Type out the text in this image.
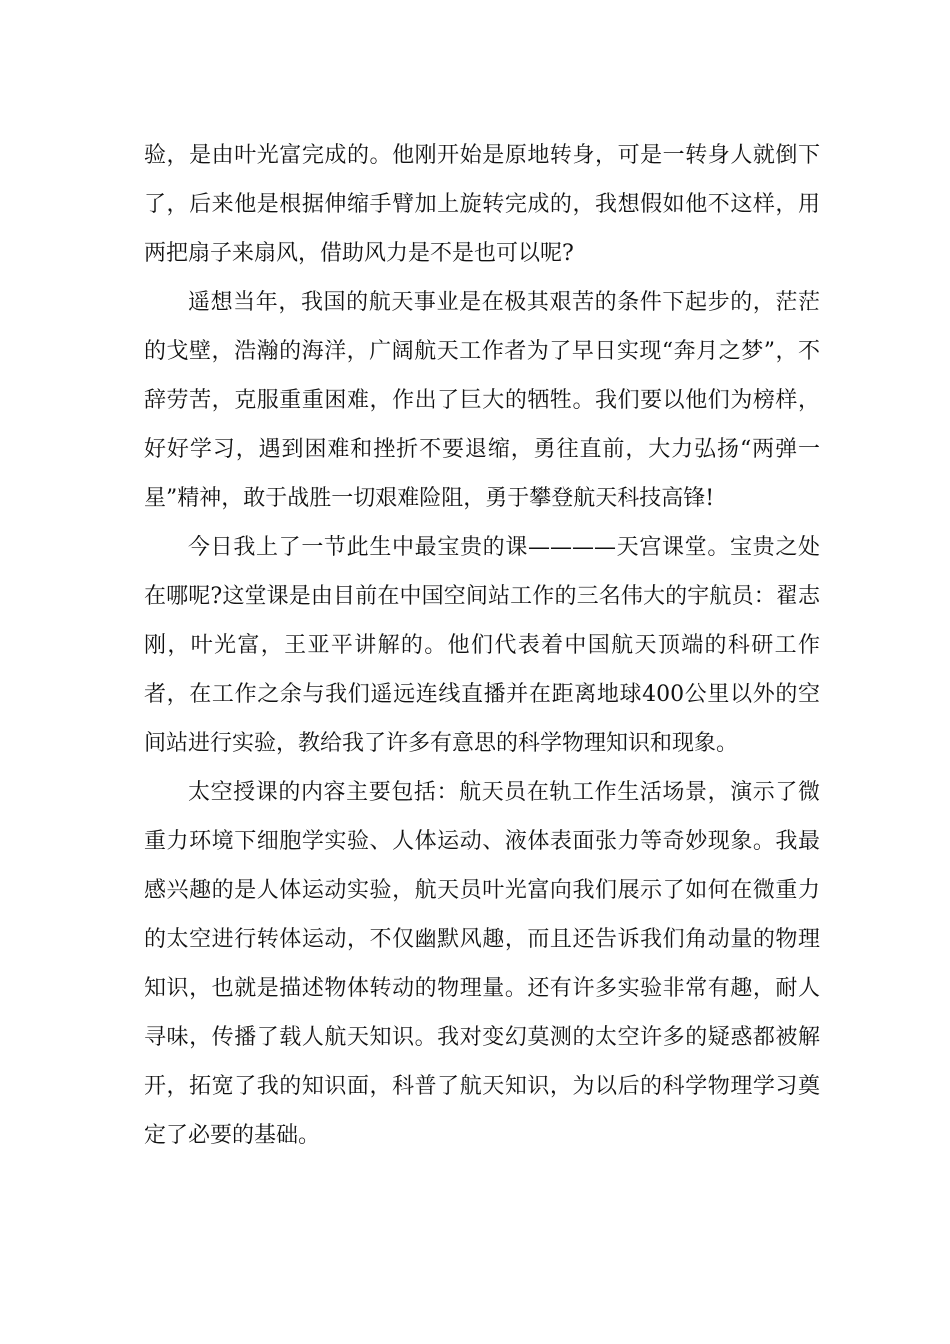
验，是由叶光富完成的。他刚开始是原地转身，可是一转身人就倒下了，后来他是根据伸缩手臂加上旋转完成的，我想假如他不这样，用两把扇子来扇风，借助风力是不是也可以呢?

遥想当年，我国的航天事业是在极其艰苦的条件下起步的，茫茫的戈壁，浩瀚的海洋，广阔航天工作者为了早日实现“奔月之梦”，不辞劳苦，克服重重困难，作出了巨大的牺牲。我们要以他们为榜样，好好学习，遇到困难和挫折不要退缩，勇往直前，大力弘扬“两弹一星”精神，敢于战胜一切艰难险阻，勇于攀登航天科技高锋!

今日我上了一节此生中最宝贵的课————天宫课堂。宝贵之处在哪呢?这堂课是由目前在中国空间站工作的三名伟大的宇航员：翟志刚，叶光富，王亚平讲解的。他们代表着中国航天顶端的科研工作者，在工作之余与我们遥远连线直播并在距离地球400公里以外的空间站进行实验，教给我了许多有意思的科学物理知识和现象。

太空授课的内容主要包括：航天员在轨工作生活场景，演示了微重力环境下细胞学实验、人体运动、液体表面张力等奇妙现象。我最感兴趣的是人体运动实验，航天员叶光富向我们展示了如何在微重力的太空进行转体运动，不仅幽默风趣，而且还告诉我们角动量的物理知识，也就是描述物体转动的物理量。还有许多实验非常有趣，耐人寻味，传播了载人航天知识。我对变幻莫测的太空许多的疑惑都被解开，拓宽了我的知识面，科普了航天知识，为以后的科学物理学习奠定了必要的基础。
